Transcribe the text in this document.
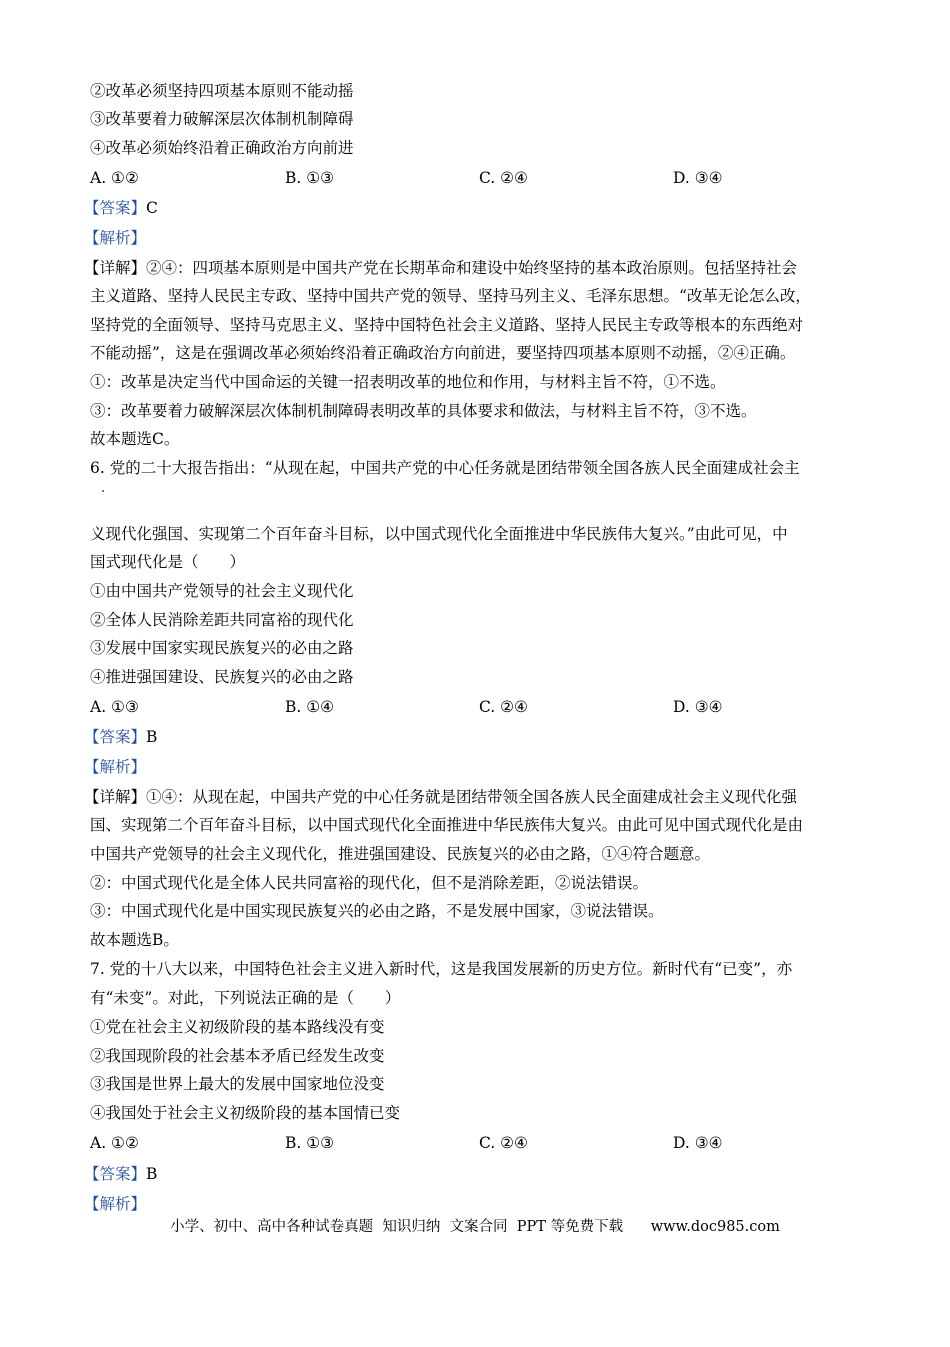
②改革必须坚持四项基本原则不能动摇
③改革要着力破解深层次体制机制障碍
④改革必须始终沿着正确政治方向前进
A. ①②	B. ①③	C. ②④	D. ③④
【答案】C
【解析】
【详解】②④：四项基本原则是中国共产党在长期革命和建设中始终坚持的基本政治原则。包括坚持社会
主义道路、坚持人民民主专政、坚持中国共产党的领导、坚持马列主义、毛泽东思想。“改革无论怎么改，
坚持党的全面领导、坚持马克思主义、坚持中国特色社会主义道路、坚持人民民主专政等根本的东西绝对
不能动摇”，这是在强调改革必须始终沿着正确政治方向前进，要坚持四项基本原则不动摇，②④正确。
①：改革是决定当代中国命运的关键一招表明改革的地位和作用，与材料主旨不符，①不选。
③：改革要着力破解深层次体制机制障碍表明改革的具体要求和做法，与材料主旨不符，③不选。
故本题选C。
6. 党的二十大报告指出：“从现在起，中国共产党的中心任务就是团结带领全国各族人民全面建成社会主
义现代化强国、实现第二个百年奋斗目标，以中国式现代化全面推进中华民族伟大复兴。”由此可见，中
国式现代化是（　　）
①由中国共产党领导的社会主义现代化
②全体人民消除差距共同富裕的现代化
③发展中国家实现民族复兴的必由之路
④推进强国建设、民族复兴的必由之路
A. ①③	B. ①④	C. ②④	D. ③④
【答案】B
【解析】
【详解】①④：从现在起，中国共产党的中心任务就是团结带领全国各族人民全面建成社会主义现代化强
国、实现第二个百年奋斗目标，以中国式现代化全面推进中华民族伟大复兴。由此可见中国式现代化是由
中国共产党领导的社会主义现代化，推进强国建设、民族复兴的必由之路，①④符合题意。
②：中国式现代化是全体人民共同富裕的现代化，但不是消除差距，②说法错误。
③：中国式现代化是中国实现民族复兴的必由之路，不是发展中国家，③说法错误。
故本题选B。
7. 党的十八大以来，中国特色社会主义进入新时代，这是我国发展新的历史方位。新时代有“已变”，亦
有“未变”。对此，下列说法正确的是（　　）
①党在社会主义初级阶段的基本路线没有变
②我国现阶段的社会基本矛盾已经发生改变
③我国是世界上最大的发展中国家地位没变
④我国处于社会主义初级阶段的基本国情已变
A. ①②	B. ①③	C. ②④	D. ③④
【答案】B
【解析】
小学、初中、高中各种试卷真题  知识归纳  文案合同  PPT 等免费下载      www.doc985.com
